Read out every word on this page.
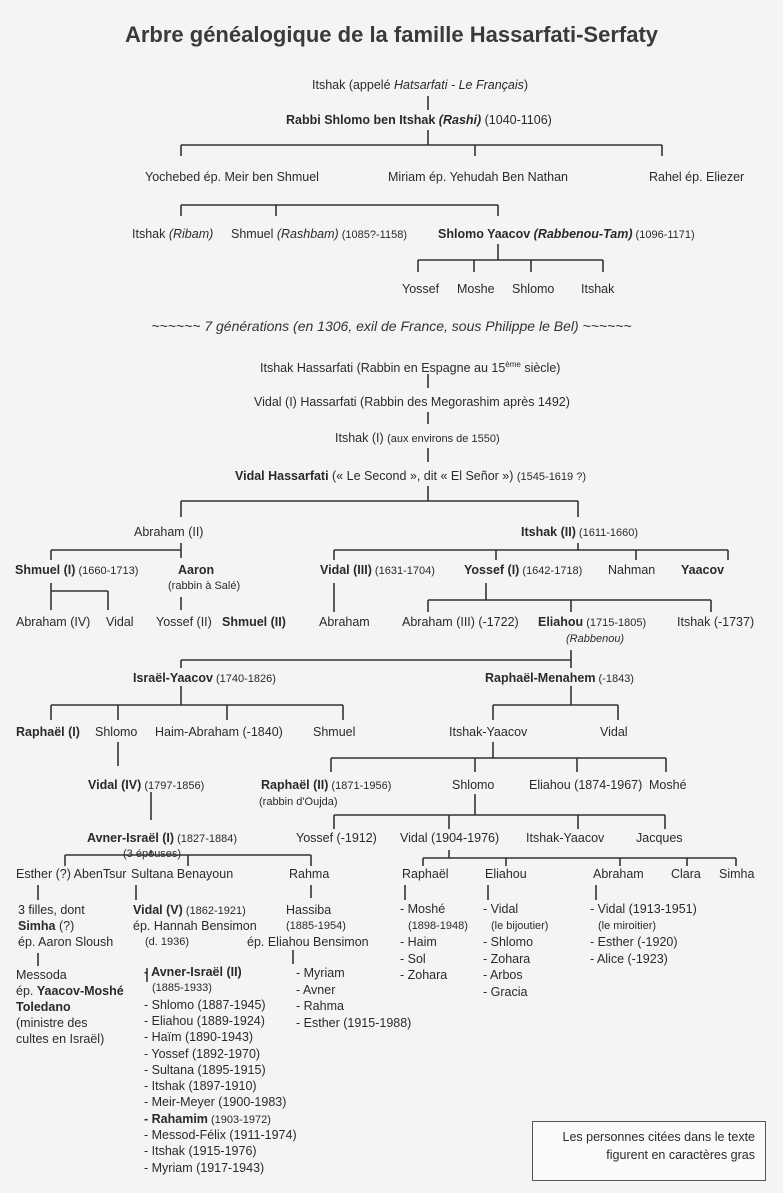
Arbre généalogique de la famille Hassarfati-Serfaty
Itshak (appelé Hatsarfati - Le Français)
Rabbi Shlomo ben Itshak (Rashi) (1040-1106)
Yochebed ép. Meir ben Shmuel	Miriam ép. Yehudah Ben Nathan	Rahel ép. Eliezer
Itshak (Ribam) Shmuel (Rashbam) (1085?-1158) Shlomo Yaacov (Rabbenou-Tam) (1096-1171)
Yossef Moshe Shlomo Itshak
~~~~~~ 7 générations (en 1306, exil de France, sous Philippe le Bel) ~~~~~~
Itshak Hassarfati (Rabbin en Espagne au 15ème siècle)
Vidal (I) Hassarfati (Rabbin des Megorashim après 1492)
Itshak (I) (aux environs de 1550)
Vidal Hassarfati (« Le Second », dit « El Señor ») (1545-1619 ?)
Abraham (II)	Itshak (II) (1611-1660)
Shmuel (I) (1660-1713)	Aaron
(rabbin à Salé)
Vidal (III) (1631-1704) Yossef (I) (1642-1718) Nahman Yaacov
Abraham (IV) Vidal Yossef (II) Shmuel (II)	Abraham	Abraham (III) (-1722) Eliahou (1715-1805)
(Rabbenou)
Itshak (-1737)
Israël-Yaacov (1740-1826)	Raphaël-Menahem (-1843)
Raphaël (I) Shlomo Haim-Abraham (-1840) Shmuel	Itshak-Yaacov	Vidal
Vidal (IV) (1797-1856)	Raphaël (II) (1871-1956)
(rabbin d'Oujda)
Shlomo	Eliahou (1874-1967) Moshé
Avner-Israël (I) (1827-1884)
(3 épouses)
Yossef (-1912) Vidal (1904-1976) Itshak-Yaacov	Jacques
Esther (?) AbenTsur Sultana Benayoun	Rahma	Raphaël	Eliahou	Abraham Clara Simha
3 filles, dont
Simha (?)
ép. Aaron Sloush
Messoda
ép. Yaacov-Moshé
Toledano
(ministre des
cultes en Israël)
Vidal (V) (1862-1921)
ép. Hannah Bensimon
(d. 1936)
- Avner-Israël (II)
(1885-1933)
- Shlomo (1887-1945)
- Eliahou (1889-1924)
- Haïm (1890-1943)
- Yossef (1892-1970)
- Sultana (1895-1915)
- Itshak (1897-1910)
- Meir-Meyer (1900-1983)
- Rahamim (1903-1972)
- Messod-Félix (1911-1974)
- Itshak (1915-1976)
- Myriam (1917-1943)
Hassiba
(1885-1954)
ép. Eliahou Bensimon
- Myriam
- Avner
- Rahma
- Esther (1915-1988)
- Moshé
(1898-1948)
- Haim
- Sol
- Zohara
- Vidal
(le bijoutier)
- Shlomo
- Zohara
- Arbos
- Gracia
- Vidal (1913-1951)
(le miroitier)
- Esther (-1920)
- Alice (-1923)
Les personnes citées dans le texte
figurent en caractères gras
